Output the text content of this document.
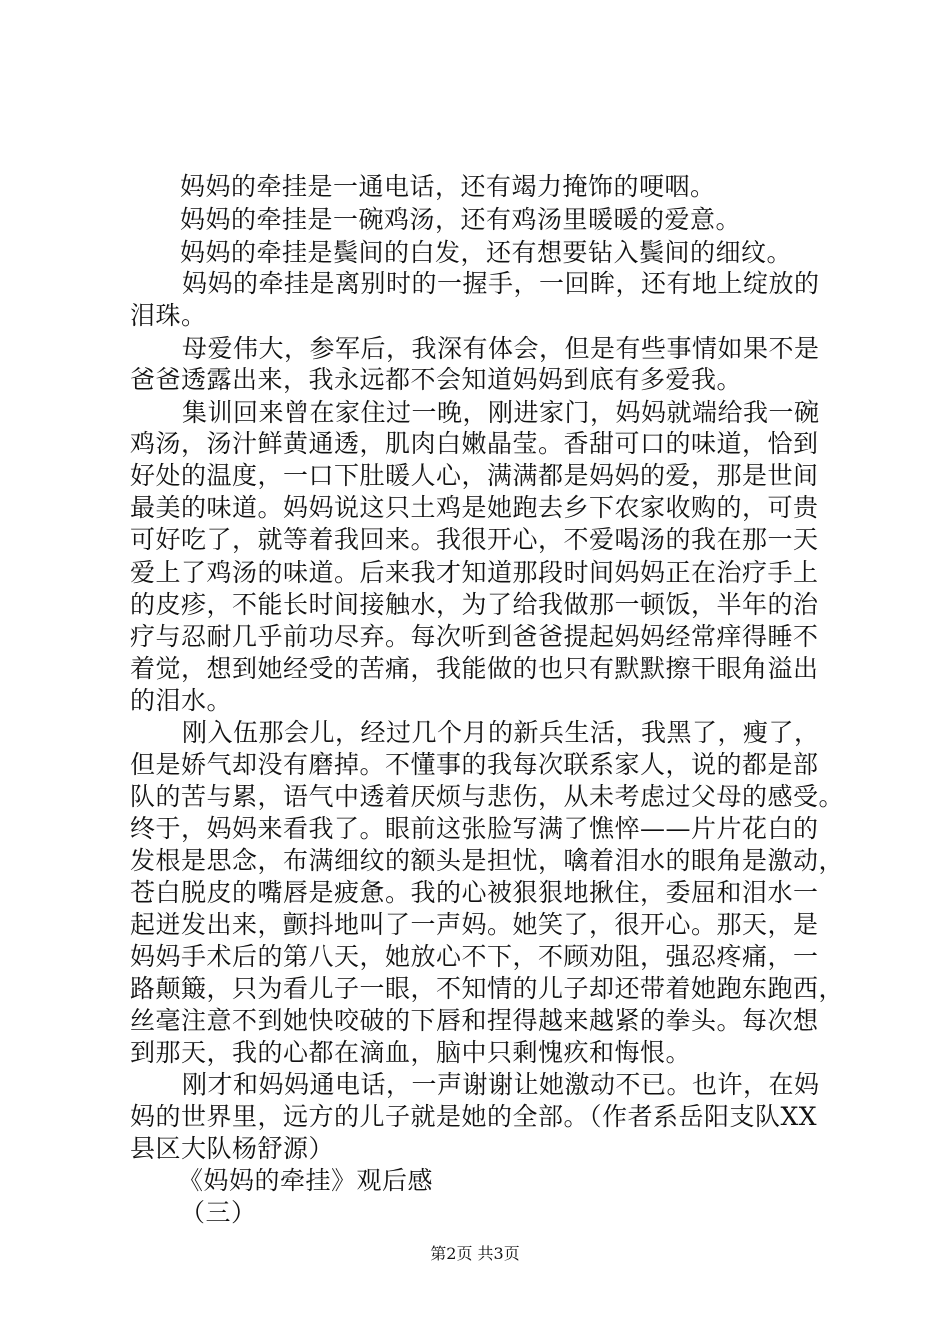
妈妈的牵挂是一通电话，还有竭力掩饰的哽咽。
妈妈的牵挂是一碗鸡汤，还有鸡汤里暖暖的爱意。
妈妈的牵挂是鬓间的白发，还有想要钻入鬓间的细纹。
妈妈的牵挂是离别时的一握手，一回眸，还有地上绽放的
泪珠。
母爱伟大，参军后，我深有体会，但是有些事情如果不是
爸爸透露出来，我永远都不会知道妈妈到底有多爱我。
集训回来曾在家住过一晚，刚进家门，妈妈就端给我一碗
鸡汤，汤汁鲜黄通透，肌肉白嫩晶莹。香甜可口的味道，恰到
好处的温度，一口下肚暖人心，满满都是妈妈的爱，那是世间
最美的味道。妈妈说这只土鸡是她跑去乡下农家收购的，可贵
可好吃了，就等着我回来。我很开心，不爱喝汤的我在那一天
爱上了鸡汤的味道。后来我才知道那段时间妈妈正在治疗手上
的皮疹，不能长时间接触水，为了给我做那一顿饭，半年的治
疗与忍耐几乎前功尽弃。每次听到爸爸提起妈妈经常痒得睡不
着觉，想到她经受的苦痛，我能做的也只有默默擦干眼角溢出
的泪水。
刚入伍那会儿，经过几个月的新兵生活，我黑了，瘦了，
但是娇气却没有磨掉。不懂事的我每次联系家人，说的都是部
队的苦与累，语气中透着厌烦与悲伤，从未考虑过父母的感受。
终于，妈妈来看我了。眼前这张脸写满了憔悴——片片花白的
发根是思念，布满细纹的额头是担忧，噙着泪水的眼角是激动，
苍白脱皮的嘴唇是疲惫。我的心被狠狠地揪住，委屈和泪水一
起迸发出来，颤抖地叫了一声妈。她笑了，很开心。那天，是
妈妈手术后的第八天，她放心不下，不顾劝阻，强忍疼痛，一
路颠簸，只为看儿子一眼，不知情的儿子却还带着她跑东跑西，
丝毫注意不到她快咬破的下唇和捏得越来越紧的拳头。每次想
到那天，我的心都在滴血，脑中只剩愧疚和悔恨。
刚才和妈妈通电话，一声谢谢让她激动不已。也许，在妈
妈的世界里，远方的儿子就是她的全部。（作者系岳阳支队XX
县区大队杨舒源）
《妈妈的牵挂》观后感
（三）
第2页 共3页
